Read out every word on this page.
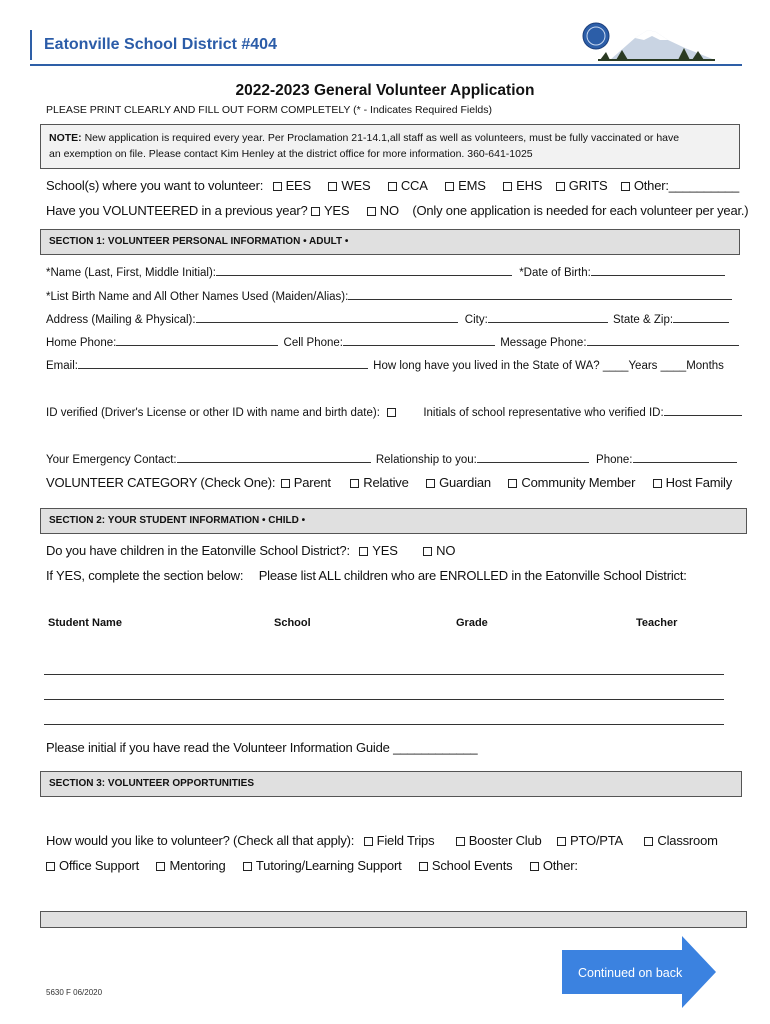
Eatonville School District #404
2022-2023 General Volunteer Application
PLEASE PRINT CLEARLY AND FILL OUT FORM COMPLETELY (* - Indicates Required Fields)
NOTE: New application is required every year. Per Proclamation 21-14.1,all staff as well as volunteers, must be fully vaccinated or have
an exemption on file. Please contact Kim Henley at the district office for more information. 360-641-1025
School(s) where you want to volunteer: EES WES CCA EMS EHS GRITS Other:__________
Have you VOLUNTEERED in a previous year? YES NO (Only one application is needed for each volunteer per year.)
SECTION 1: VOLUNTEER PERSONAL INFORMATION • ADULT •
*Name (Last, First, Middle Initial):	*Date of Birth:
*List Birth Name and All Other Names Used (Maiden/Alias):
Address (Mailing & Physical):	City:	State & Zip:
Home Phone:	Cell Phone:	Message Phone:
Email:	How long have you lived in the State of WA? ____Years ____Months
ID verified (Driver's License or other ID with name and birth date):	Initials of school representative who verified ID:
Your Emergency Contact:	Relationship to you:	Phone:
VOLUNTEER CATEGORY (Check One): Parent Relative Guardian Community Member Host Family
SECTION 2: YOUR STUDENT INFORMATION • CHILD •
Do you have children in the Eatonville School District?: YES	NO
If YES, complete the section below: Please list ALL children who are ENROLLED in the Eatonville School District:
Student Name	School	Grade	Teacher
Please initial if you have read the Volunteer Information Guide ____________
SECTION 3: VOLUNTEER OPPORTUNITIES
How would you like to volunteer? (Check all that apply): Field Trips	Booster Club PTO/PTA	Classroom
Office Support Mentoring Tutoring/Learning Support School Events Other:
Continued on back
5630 F 06/2020
